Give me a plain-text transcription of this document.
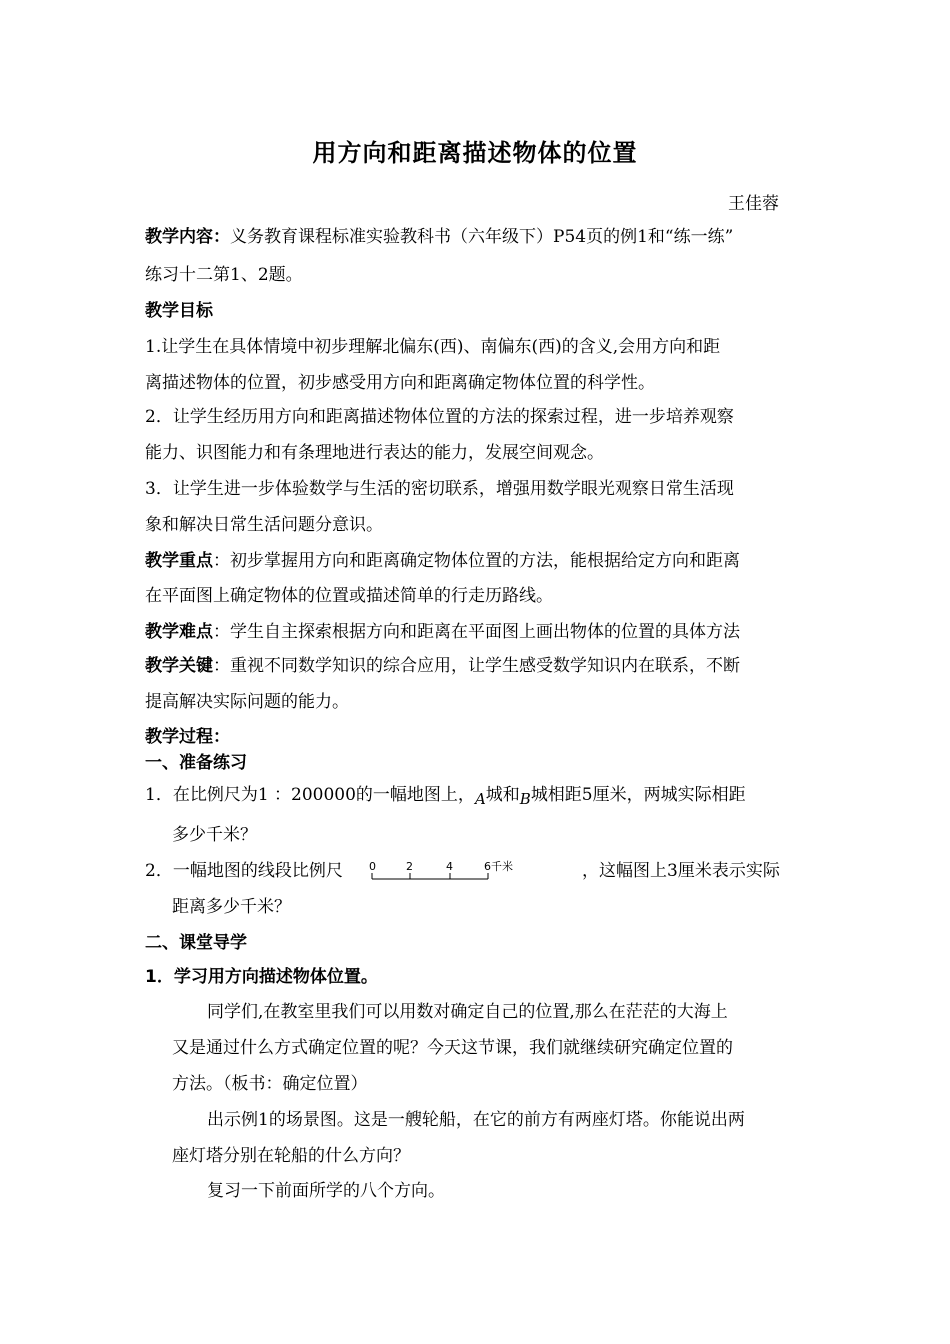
用方向和距离描述物体的位置
王佳蓉
教学内容：义务教育课程标准实验教科书（六年级下）P54页的例1和“练一练”
练习十二第1、2题。
教学目标
1.让学生在具体情境中初步理解北偏东(西)、南偏东(西)的含义,会用方向和距
离描述物体的位置，初步感受用方向和距离确定物体位置的科学性。
2．让学生经历用方向和距离描述物体位置的方法的探索过程，进一步培养观察
能力、识图能力和有条理地进行表达的能力，发展空间观念。
3．让学生进一步体验数学与生活的密切联系，增强用数学眼光观察日常生活现
象和解决日常生活问题分意识。
教学重点：初步掌握用方向和距离确定物体位置的方法，能根据给定方向和距离
在平面图上确定物体的位置或描述简单的行走历路线。
教学难点：学生自主探索根据方向和距离在平面图上画出物体的位置的具体方法
教学关键：重视不同数学知识的综合应用，让学生感受数学知识内在联系，不断
提高解决实际问题的能力。
教学过程：
一、准备练习
1．在比例尺为1 ：200000的一幅地图上，A城和B城相距5厘米，两城实际相距
多少千米？
2．一幅地图的线段比例尺 0	2	4	6千米	，这幅图上3厘米表示实际
距离多少千米？
二、课堂导学
1．学习用方向描述物体位置。
同学们,在教室里我们可以用数对确定自己的位置,那么在茫茫的大海上
又是通过什么方式确定位置的呢？今天这节课，我们就继续研究确定位置的
方法。（板书：确定位置）
出示例1的场景图。这是一艘轮船，在它的前方有两座灯塔。你能说出两
座灯塔分别在轮船的什么方向？
复习一下前面所学的八个方向。
